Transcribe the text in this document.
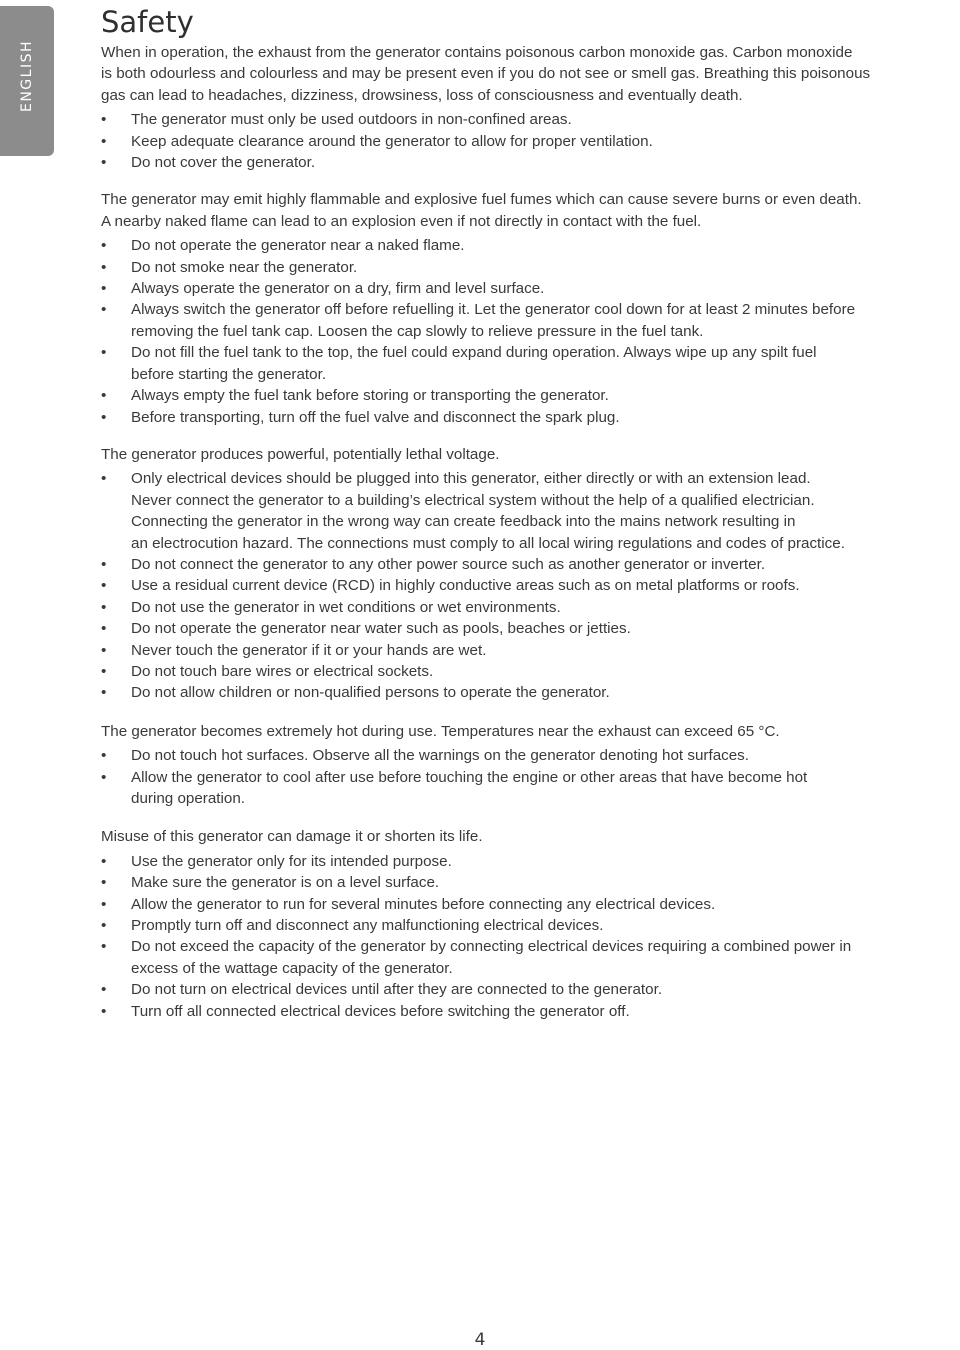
ENGLISH
Safety

When in operation, the exhaust from the generator contains poisonous carbon monoxide gas. Carbon monoxide
is both odourless and colourless and may be present even if you do not see or smell gas. Breathing this poisonous
gas can lead to headaches, dizziness, drowsiness, loss of consciousness and eventually death.

• The generator must only be used outdoors in non-confined areas.
• Keep adequate clearance around the generator to allow for proper ventilation.
• Do not cover the generator.

The generator may emit highly flammable and explosive fuel fumes which can cause severe burns or even death.
A nearby naked flame can lead to an explosion even if not directly in contact with the fuel.

• Do not operate the generator near a naked flame.
• Do not smoke near the generator.
• Always operate the generator on a dry, firm and level surface.
• Always switch the generator off before refuelling it. Let the generator cool down for at least 2 minutes before
removing the fuel tank cap. Loosen the cap slowly to relieve pressure in the fuel tank.
• Do not fill the fuel tank to the top, the fuel could expand during operation. Always wipe up any spilt fuel
before starting the generator.
• Always empty the fuel tank before storing or transporting the generator.
• Before transporting, turn off the fuel valve and disconnect the spark plug.

The generator produces powerful, potentially lethal voltage.

• Only electrical devices should be plugged into this generator, either directly or with an extension lead.
Never connect the generator to a building’s electrical system without the help of a qualified electrician.
Connecting the generator in the wrong way can create feedback into the mains network resulting in
an electrocution hazard. The connections must comply to all local wiring regulations and codes of practice.
• Do not connect the generator to any other power source such as another generator or inverter.
• Use a residual current device (RCD) in highly conductive areas such as on metal platforms or roofs.
• Do not use the generator in wet conditions or wet environments.
• Do not operate the generator near water such as pools, beaches or jetties.
• Never touch the generator if it or your hands are wet.
• Do not touch bare wires or electrical sockets.
• Do not allow children or non-qualified persons to operate the generator.

The generator becomes extremely hot during use. Temperatures near the exhaust can exceed 65 °C.

• Do not touch hot surfaces. Observe all the warnings on the generator denoting hot surfaces.
• Allow the generator to cool after use before touching the engine or other areas that have become hot
during operation.

Misuse of this generator can damage it or shorten its life.

• Use the generator only for its intended purpose.
• Make sure the generator is on a level surface.
• Allow the generator to run for several minutes before connecting any electrical devices.
• Promptly turn off and disconnect any malfunctioning electrical devices.
• Do not exceed the capacity of the generator by connecting electrical devices requiring a combined power in
excess of the wattage capacity of the generator.
• Do not turn on electrical devices until after they are connected to the generator.
• Turn off all connected electrical devices before switching the generator off.
4
